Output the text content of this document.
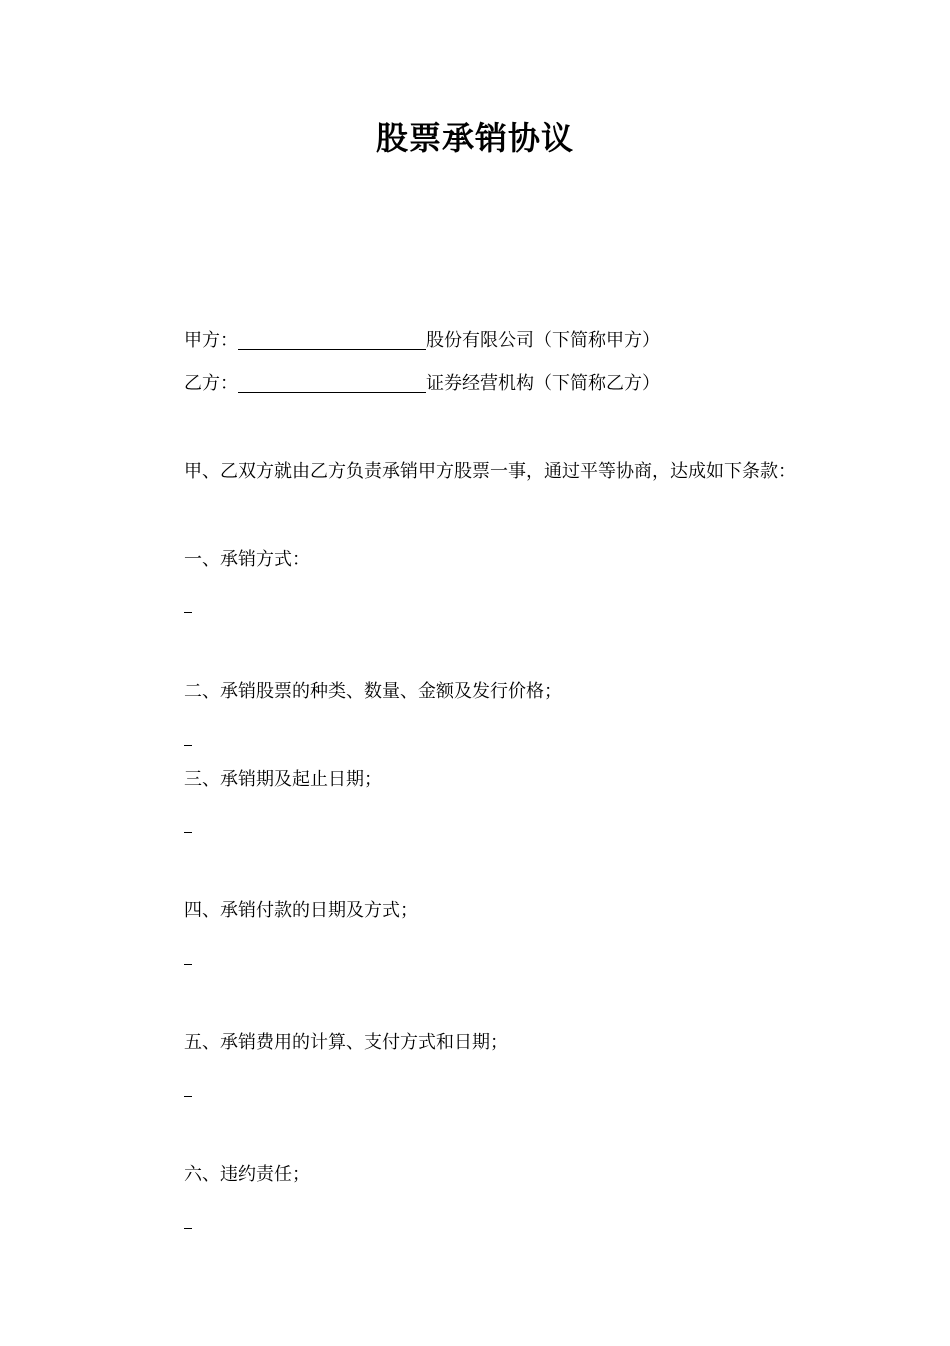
股票承销协议
甲方：	股份有限公司（下简称甲方）
乙方：	证券经营机构（下简称乙方）
甲、乙双方就由乙方负责承销甲方股票一事，通过平等协商，达成如下条款：
一、承销方式：
二、承销股票的种类、数量、金额及发行价格；
三、承销期及起止日期；
四、承销付款的日期及方式；
五、承销费用的计算、支付方式和日期；
六、违约责任；
